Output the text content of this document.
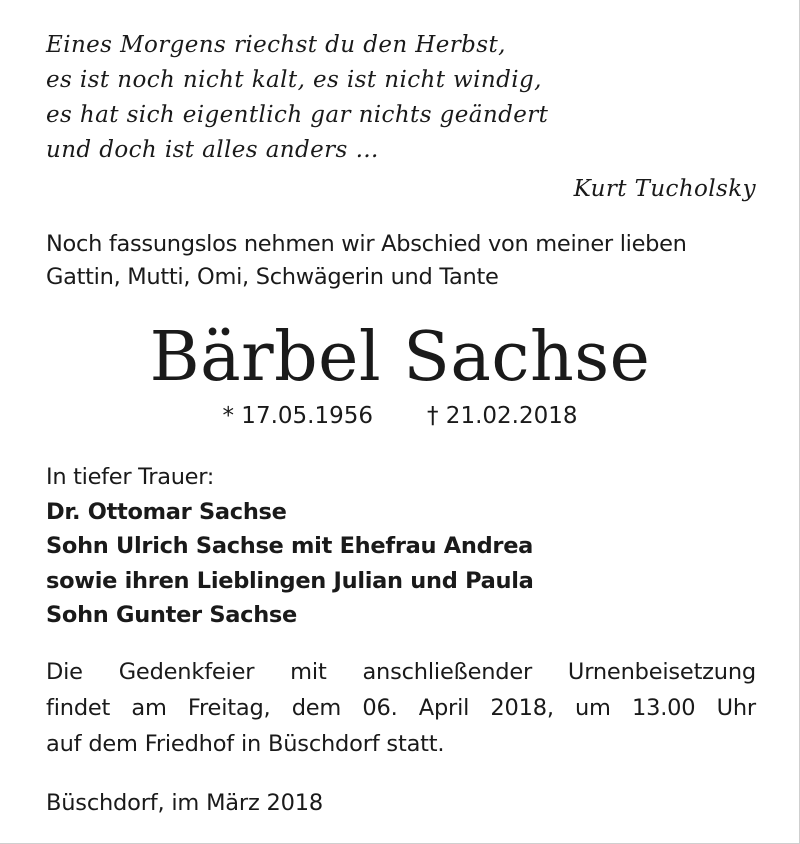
Eines Morgens riechst du den Herbst,
es ist noch nicht kalt, es ist nicht windig,
es hat sich eigentlich gar nichts geändert
und doch ist alles anders …
Kurt Tucholsky
Noch fassungslos nehmen wir Abschied von meiner lieben
Gattin, Mutti, Omi, Schwägerin und Tante
Bärbel Sachse
* 17.05.1956 † 21.02.2018
In tiefer Trauer:
Dr. Ottomar Sachse
Sohn Ulrich Sachse mit Ehefrau Andrea
sowie ihren Lieblingen Julian und Paula
Sohn Gunter Sachse
Die Gedenkfeier mit anschließender Urnenbeisetzung
findet am Freitag, dem 06. April 2018, um 13.00 Uhr
auf dem Friedhof in Büschdorf statt.
Büschdorf, im März 2018
